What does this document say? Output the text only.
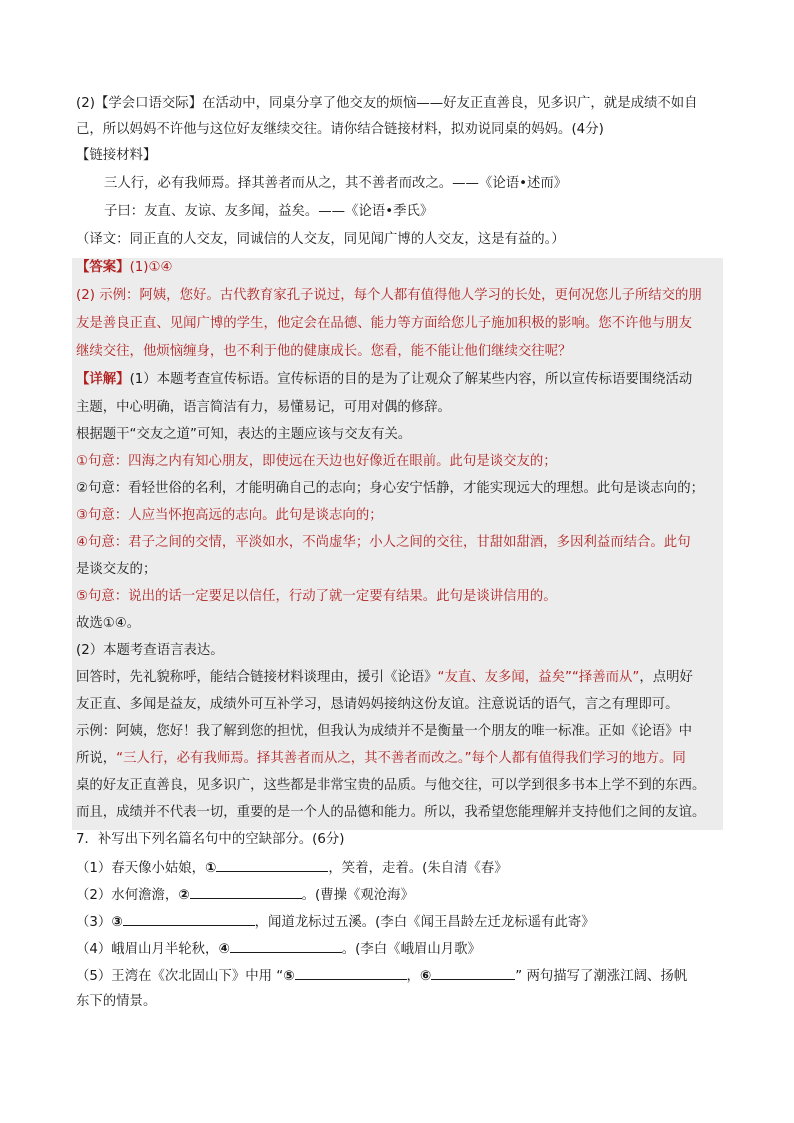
(2)【学会口语交际】在活动中，同桌分享了他交友的烦恼——好友正直善良，见多识广，就是成绩不如自
己，所以妈妈不许他与这位好友继续交往。请你结合链接材料，拟劝说同桌的妈妈。(4分)
【链接材料】
三人行，必有我师焉。择其善者而从之，其不善者而改之。——《论语•述而》
子曰：友直、友谅、友多闻，益矣。——《论语•季氏》
（译文：同正直的人交友，同诚信的人交友，同见闻广博的人交友，这是有益的。）
【答案】(1)①④
(2) 示例：阿姨，您好。古代教育家孔子说过，每个人都有值得他人学习的长处，更何况您儿子所结交的朋
友是善良正直、见闻广博的学生，他定会在品德、能力等方面给您儿子施加积极的影响。您不许他与朋友
继续交往，他烦恼缠身，也不利于他的健康成长。您看，能不能让他们继续交往呢？
【详解】(1）本题考查宣传标语。宣传标语的目的是为了让观众了解某些内容，所以宣传标语要围绕活动
主题，中心明确，语言简洁有力，易懂易记，可用对偶的修辞。
根据题干“交友之道”可知，表达的主题应该与交友有关。
①句意：四海之内有知心朋友，即使远在天边也好像近在眼前。此句是谈交友的；
②句意：看轻世俗的名利，才能明确自己的志向；身心安宁恬静，才能实现远大的理想。此句是谈志向的；
③句意：人应当怀抱高远的志向。此句是谈志向的；
④句意：君子之间的交情，平淡如水，不尚虚华；小人之间的交往，甘甜如甜酒，多因利益而结合。此句
是谈交友的；
⑤句意：说出的话一定要足以信任，行动了就一定要有结果。此句是谈讲信用的。
故选①④。
(2）本题考查语言表达。
回答时，先礼貌称呼，能结合链接材料谈理由，援引《论语》“友直、友多闻，益矣”“择善而从”，点明好
友正直、多闻是益友，成绩外可互补学习，恳请妈妈接纳这份友谊。注意说话的语气，言之有理即可。
示例：阿姨，您好！我了解到您的担忧，但我认为成绩并不是衡量一个朋友的唯一标准。正如《论语》中
所说，“三人行，必有我师焉。择其善者而从之，其不善者而改之。”每个人都有值得我们学习的地方。同
桌的好友正直善良，见多识广，这些都是非常宝贵的品质。与他交往，可以学到很多书本上学不到的东西。
而且，成绩并不代表一切，重要的是一个人的品德和能力。所以，我希望您能理解并支持他们之间的友谊。
7．补写出下列名篇名句中的空缺部分。(6分)
（1）春天像小姑娘，①	，笑着，走着。(朱自清《春》
（2）水何澹澹，②	。(曹操《观沧海》
（3）③	，闻道龙标过五溪。(李白《闻王昌龄左迁龙标遥有此寄》
（4）峨眉山月半轮秋，④	。(李白《峨眉山月歌》
（5）王湾在《次北固山下》中用 “⑤	，⑥	” 两句描写了潮涨江阔、扬帆
东下的情景。
